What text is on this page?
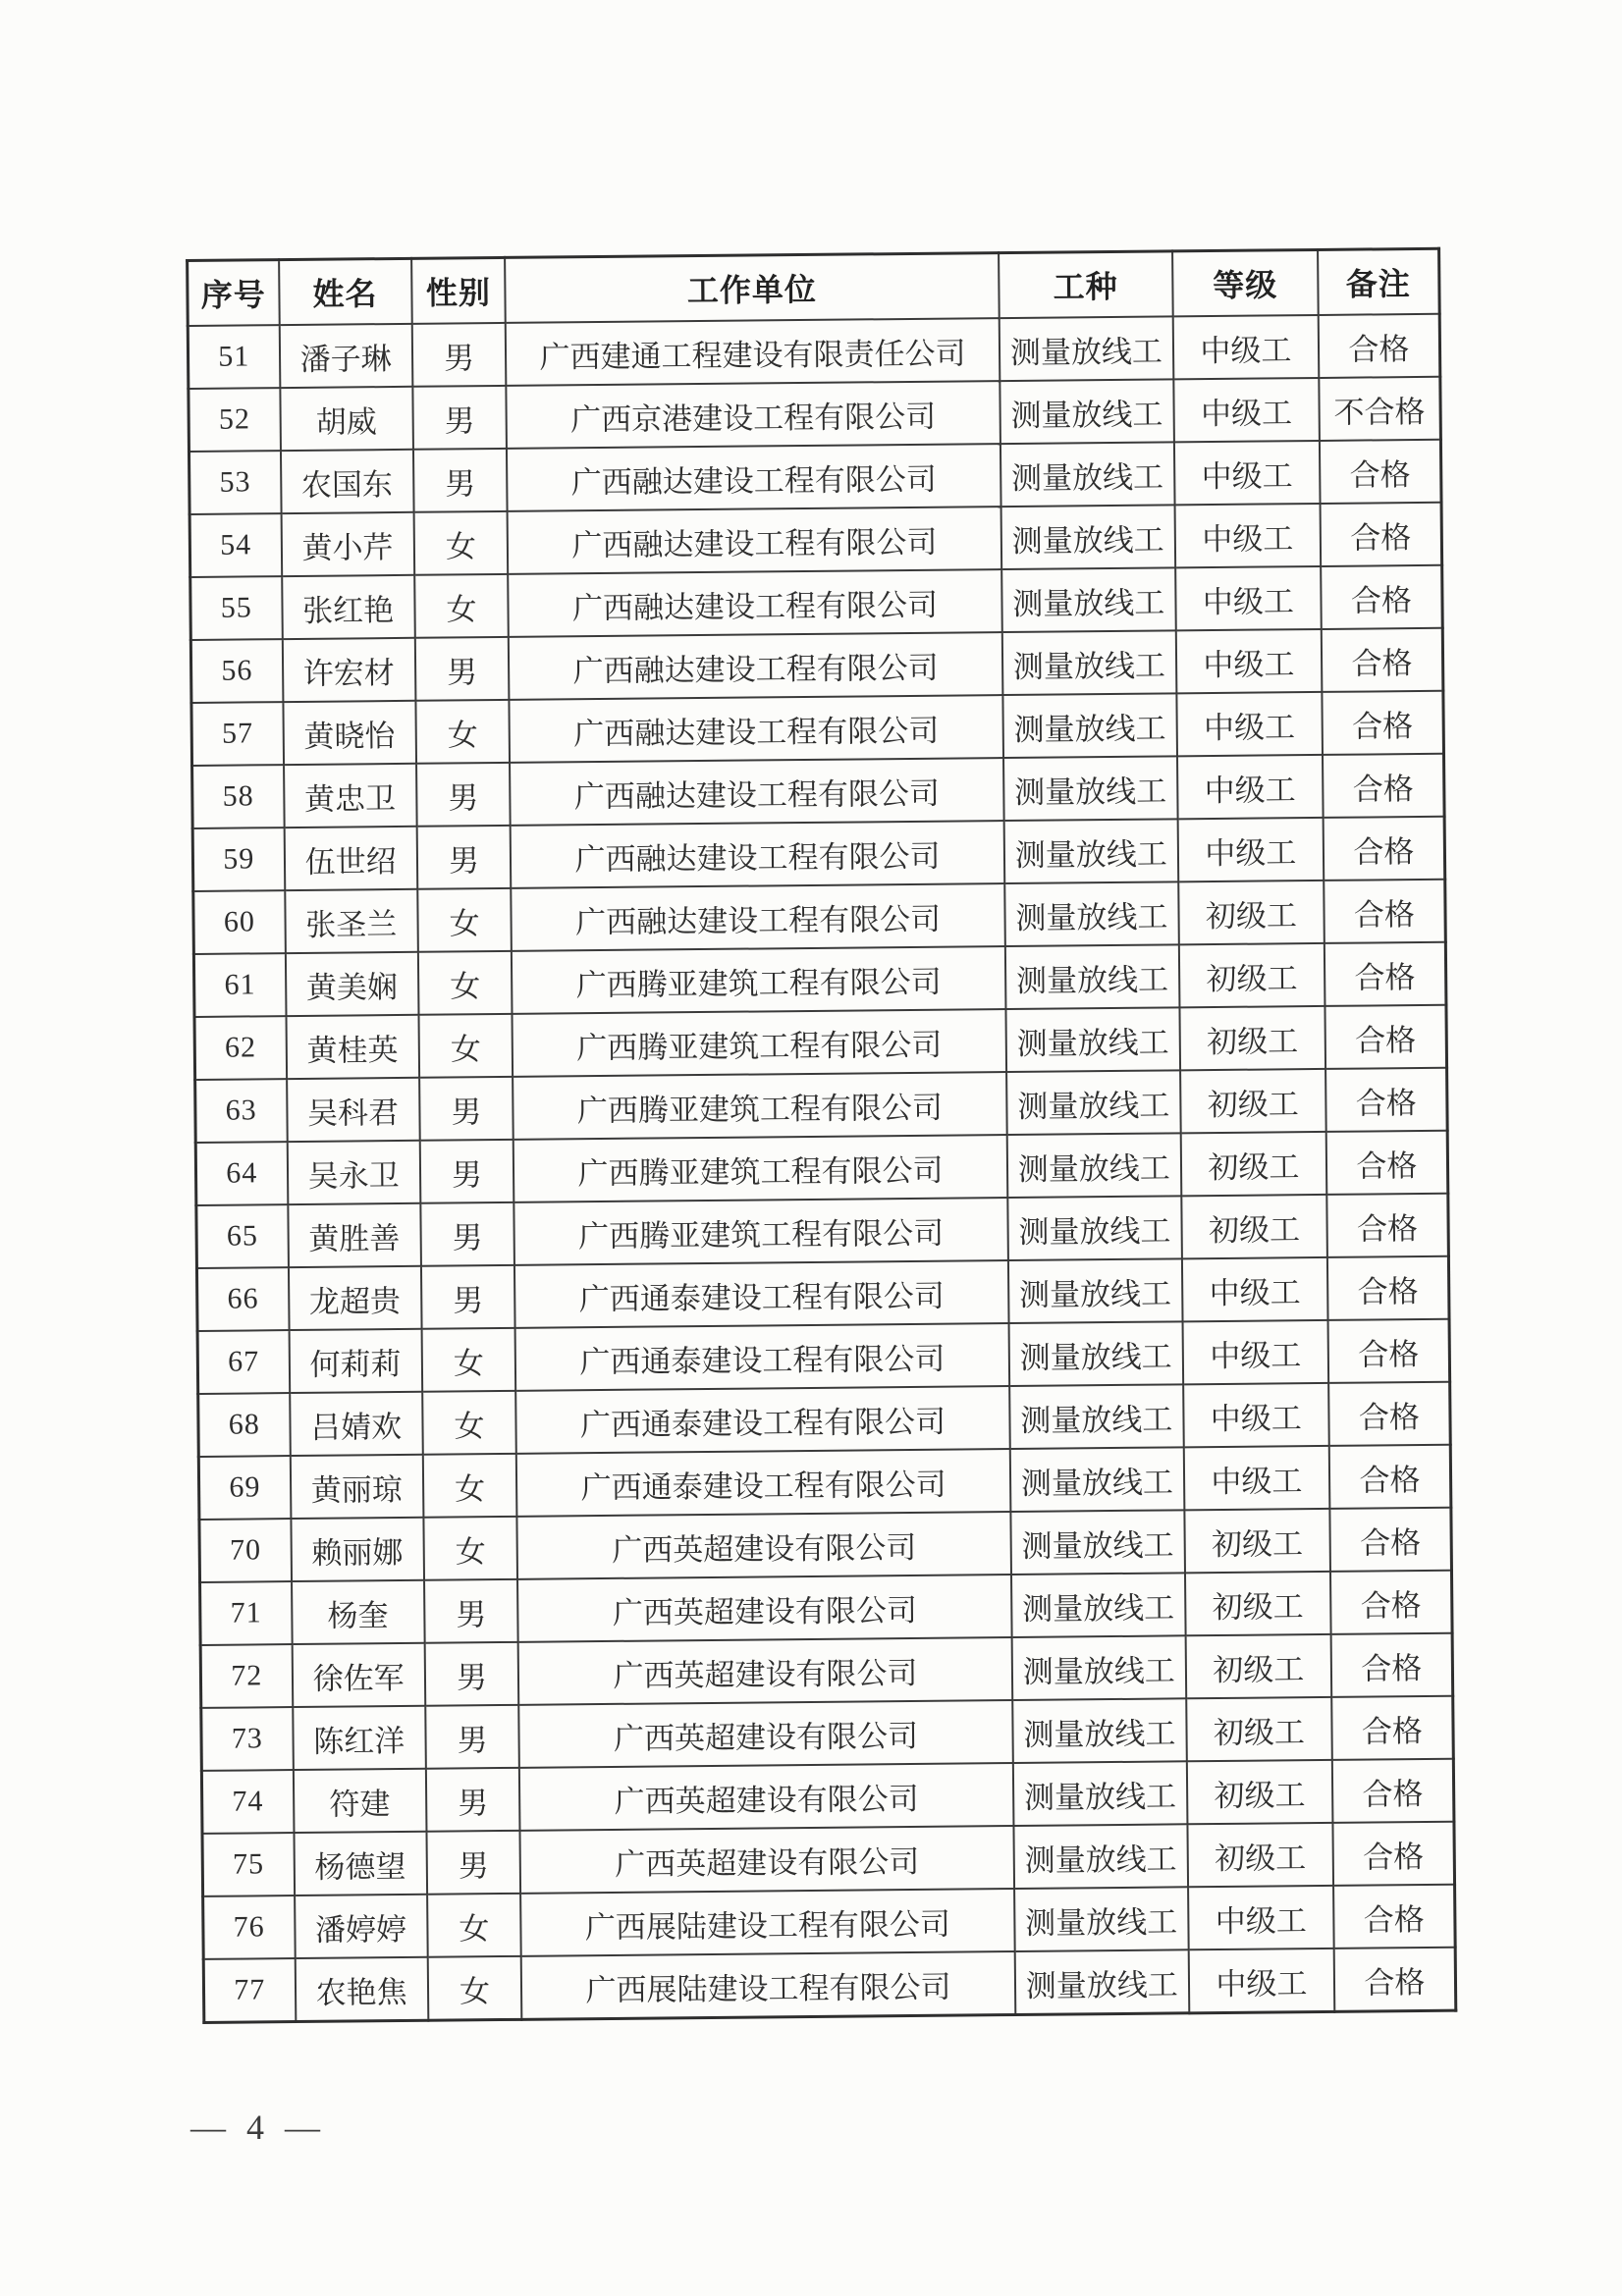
序号	姓名	性别	工作单位	工种	等级	备注
51	潘子琳	男	广西建通工程建设有限责任公司	测量放线工	中级工	合格
52	胡威	男	广西京港建设工程有限公司	测量放线工	中级工	不合格
53	农国东	男	广西融达建设工程有限公司	测量放线工	中级工	合格
54	黄小芹	女	广西融达建设工程有限公司	测量放线工	中级工	合格
55	张红艳	女	广西融达建设工程有限公司	测量放线工	中级工	合格
56	许宏材	男	广西融达建设工程有限公司	测量放线工	中级工	合格
57	黄晓怡	女	广西融达建设工程有限公司	测量放线工	中级工	合格
58	黄忠卫	男	广西融达建设工程有限公司	测量放线工	中级工	合格
59	伍世绍	男	广西融达建设工程有限公司	测量放线工	中级工	合格
60	张圣兰	女	广西融达建设工程有限公司	测量放线工	初级工	合格
61	黄美娴	女	广西腾亚建筑工程有限公司	测量放线工	初级工	合格
62	黄桂英	女	广西腾亚建筑工程有限公司	测量放线工	初级工	合格
63	吴科君	男	广西腾亚建筑工程有限公司	测量放线工	初级工	合格
64	吴永卫	男	广西腾亚建筑工程有限公司	测量放线工	初级工	合格
65	黄胜善	男	广西腾亚建筑工程有限公司	测量放线工	初级工	合格
66	龙超贵	男	广西通泰建设工程有限公司	测量放线工	中级工	合格
67	何莉莉	女	广西通泰建设工程有限公司	测量放线工	中级工	合格
68	吕婧欢	女	广西通泰建设工程有限公司	测量放线工	中级工	合格
69	黄丽琼	女	广西通泰建设工程有限公司	测量放线工	中级工	合格
70	赖丽娜	女	广西英超建设有限公司	测量放线工	初级工	合格
71	杨奎	男	广西英超建设有限公司	测量放线工	初级工	合格
72	徐佐军	男	广西英超建设有限公司	测量放线工	初级工	合格
73	陈红洋	男	广西英超建设有限公司	测量放线工	初级工	合格
74	符建	男	广西英超建设有限公司	测量放线工	初级工	合格
75	杨德望	男	广西英超建设有限公司	测量放线工	初级工	合格
76	潘婷婷	女	广西展陆建设工程有限公司	测量放线工	中级工	合格
77	农艳焦	女	广西展陆建设工程有限公司	测量放线工	中级工	合格
— 4 —
